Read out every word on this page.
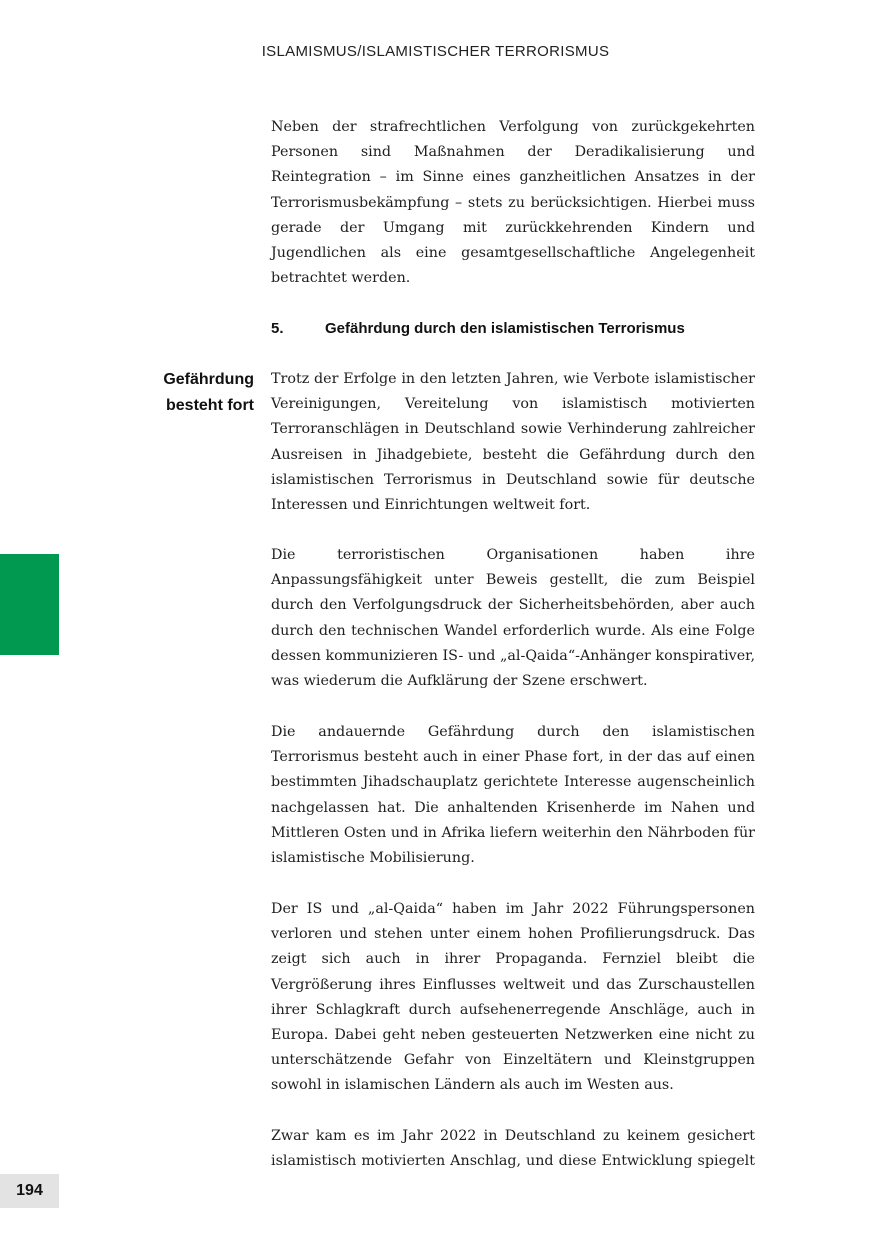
ISLAMISMUS/ISLAMISTISCHER TERRORISMUS

Neben der strafrechtlichen Verfolgung von zurückgekehrten Personen sind Maßnahmen der Deradikalisierung und Reintegration – im Sinne eines ganzheitlichen Ansatzes in der Terrorismusbekämpfung – stets zu berücksichtigen. Hierbei muss gerade der Umgang mit zurückkehrenden Kindern und Jugendlichen als eine gesamtgesellschaftliche Angelegenheit betrachtet werden.

5.	Gefährdung durch den islamistischen Terrorismus
Gefährdung
besteht fort

Trotz der Erfolge in den letzten Jahren, wie Verbote islamistischer Vereinigungen, Vereitelung von islamistisch motivierten Terroranschlägen in Deutschland sowie Verhinderung zahlreicher Ausreisen in Jihadgebiete, besteht die Gefährdung durch den islamistischen Terrorismus in Deutschland sowie für deutsche Interessen und Einrichtungen weltweit fort.

Die terroristischen Organisationen haben ihre Anpassungsfähigkeit unter Beweis gestellt, die zum Beispiel durch den Verfolgungsdruck der Sicherheitsbehörden, aber auch durch den technischen Wandel erforderlich wurde. Als eine Folge dessen kommunizieren IS- und „al-Qaida“-Anhänger konspirativer, was wiederum die Aufklärung der Szene erschwert.

Die andauernde Gefährdung durch den islamistischen Terrorismus besteht auch in einer Phase fort, in der das auf einen bestimmten Jihadschauplatz gerichtete Interesse augenscheinlich nachgelassen hat. Die anhaltenden Krisenherde im Nahen und Mittleren Osten und in Afrika liefern weiterhin den Nährboden für islamistische Mobilisierung.

Der IS und „al-Qaida“ haben im Jahr 2022 Führungspersonen verloren und stehen unter einem hohen Profilierungsdruck. Das zeigt sich auch in ihrer Propaganda. Fernziel bleibt die Vergrößerung ihres Einflusses weltweit und das Zurschaustellen ihrer Schlagkraft durch aufsehenerregende Anschläge, auch in Europa. Dabei geht neben gesteuerten Netzwerken eine nicht zu unterschätzende Gefahr von Einzeltätern und Kleinstgruppen sowohl in islamischen Ländern als auch im Westen aus.

Zwar kam es im Jahr 2022 in Deutschland zu keinem gesichert islamistisch motivierten Anschlag, und diese Entwicklung spiegelt

194
